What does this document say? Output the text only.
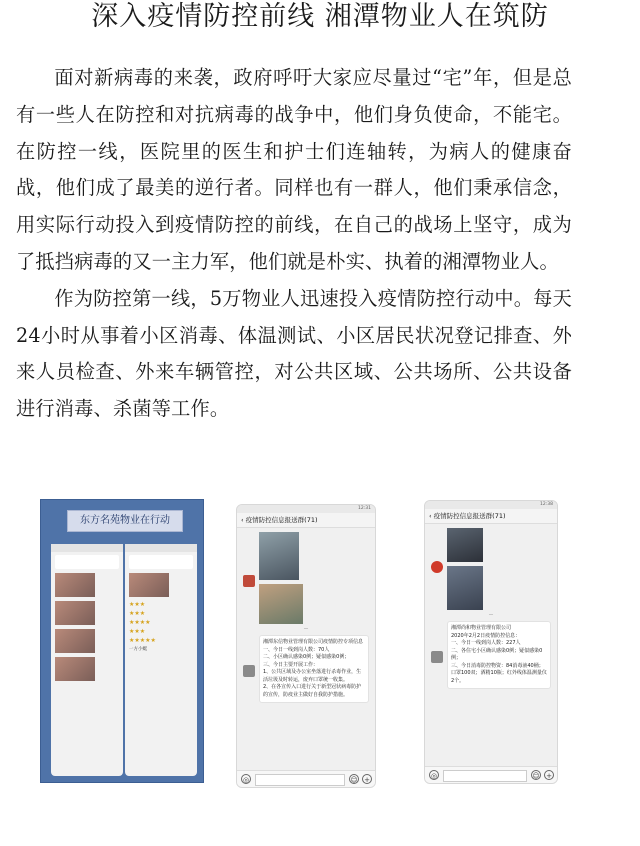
深入疫情防控前线 湘潭物业人在筑防

面对新病毒的来袭，政府呼吁大家应尽量过“宅”年，但是总有一些人在防控和对抗病毒的战争中，他们身负使命，不能宅。在防控一线，医院里的医生和护士们连轴转，为病人的健康奋战，他们成了最美的逆行者。同样也有一群人，他们秉承信念，用实际行动投入到疫情防控的前线，在自己的战场上坚守，成为了抵挡病毒的又一主力军，他们就是朴实、执着的湘潭物业人。

作为防控第一线，5万物业人迅速投入疫情防控行动中。每天24小时从事着小区消毒、体温测试、小区居民状况登记排查、外来人员检查、外来车辆管控，对公共区域、公共场所、公共设备进行消毒、杀菌等工作。

东方名苑物业在行动
★★★
★★★
★★★★
★★★
★★★★★
一方小蜓
12:31
‹ 疫情防控信息报送群(71)
—
湘潭东信物业管理有限公司疫情防控专项信息
一、今日一线到岗人数：70人
二、小区确认感染0例；疑似感染0例；
三、今日主要开展工作：
1、公共区域及办公室坐落进行杀毒作业，生活垃圾及时转运，废弃口罩统一收集。
2、在各宣传入口进行关于新型冠状病毒防护的宣传，防疫业主做好自我防护措施。
◎	☺ +
12:38
‹ 疫情防控信息报送群(71)
—
湘潭尚和物业管理有限公司
2020年2月2日疫情防控信息：
一、今日一线到岗人数：227人
二、各住宅小区确认感染0例；疑似感染0例；
三、今日消毒防控物资：84消毒液40桶；
口罩100双；酒精10瓶；红外线体温测量仪2个。
◎	☺ +
